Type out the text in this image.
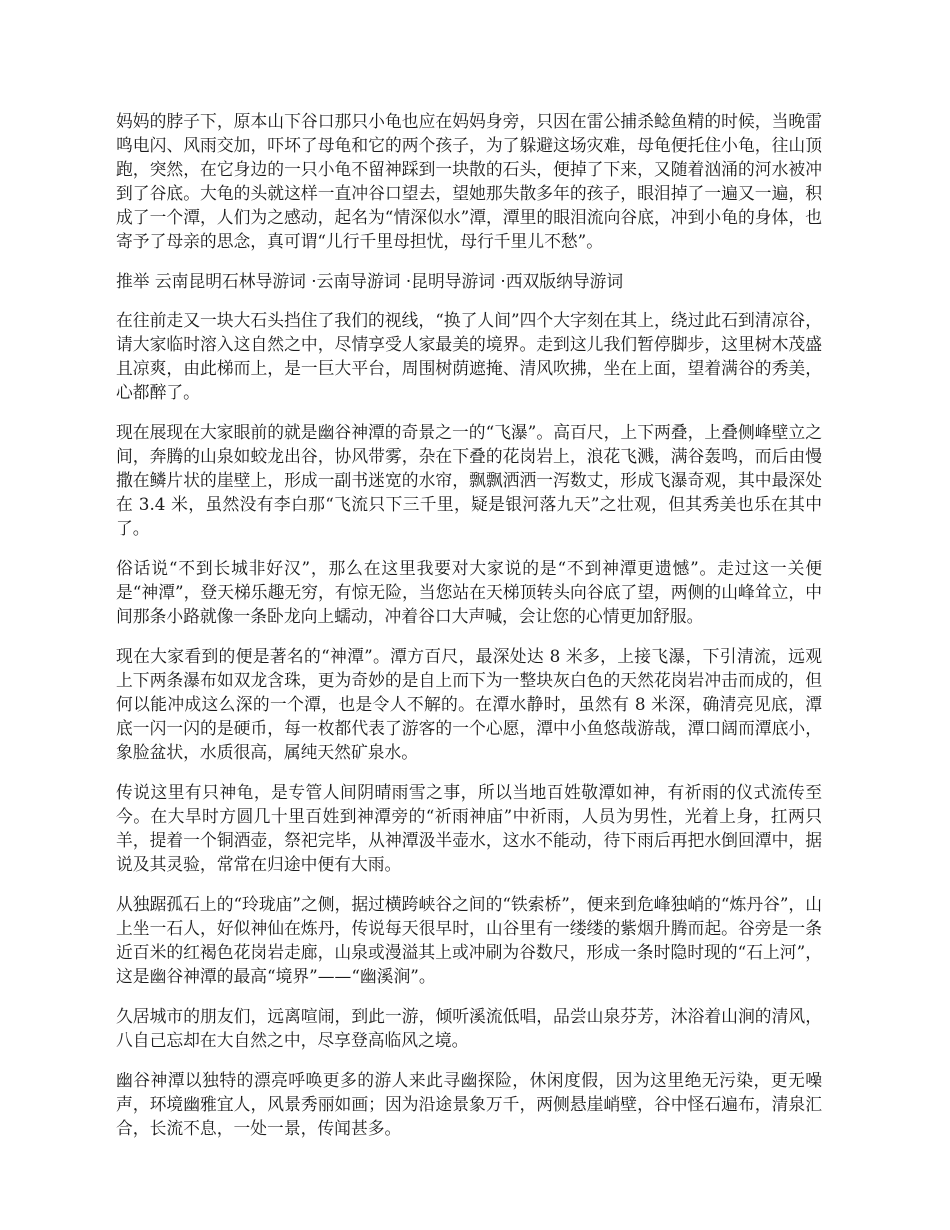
妈妈的脖子下，原本山下谷口那只小龟也应在妈妈身旁，只因在雷公捕杀鲶鱼精的时候，当晚雷鸣电闪、风雨交加，吓坏了母龟和它的两个孩子，为了躲避这场灾难，母龟便托住小龟，往山顶跑，突然，在它身边的一只小龟不留神踩到一块散的石头，便掉了下来，又随着汹涌的河水被冲到了谷底。大龟的头就这样一直冲谷口望去，望她那失散多年的孩子，眼泪掉了一遍又一遍，积成了一个潭，人们为之感动，起名为“情深似水”潭，潭里的眼泪流向谷底，冲到小龟的身体，也寄予了母亲的思念，真可谓“儿行千里母担忧，母行千里儿不愁”。

推举 云南昆明石林导游词 ·云南导游词 ·昆明导游词 ·西双版纳导游词

在往前走又一块大石头挡住了我们的视线，“换了人间”四个大字刻在其上，绕过此石到清凉谷，请大家临时溶入这自然之中，尽情享受人家最美的境界。走到这儿我们暂停脚步，这里树木茂盛且凉爽，由此梯而上，是一巨大平台，周围树荫遮掩、清风吹拂，坐在上面，望着满谷的秀美，心都醉了。

现在展现在大家眼前的就是幽谷神潭的奇景之一的“飞瀑”。高百尺，上下两叠，上叠侧峰壁立之间，奔腾的山泉如蛟龙出谷，协风带雾，杂在下叠的花岗岩上，浪花飞溅，满谷轰鸣，而后由慢撒在鳞片状的崖壁上，形成一副书迷宽的水帘，飘飘洒洒一泻数丈，形成飞瀑奇观，其中最深处在 3.4 米，虽然没有李白那“飞流只下三千里，疑是银河落九天”之壮观，但其秀美也乐在其中了。

俗话说“不到长城非好汉”，那么在这里我要对大家说的是“不到神潭更遗憾”。走过这一关便是“神潭”，登天梯乐趣无穷，有惊无险，当您站在天梯顶转头向谷底了望，两侧的山峰耸立，中间那条小路就像一条卧龙向上蠕动，冲着谷口大声喊，会让您的心情更加舒服。

现在大家看到的便是著名的“神潭”。潭方百尺，最深处达 8 米多，上接飞瀑，下引清流，远观上下两条瀑布如双龙含珠，更为奇妙的是自上而下为一整块灰白色的天然花岗岩冲击而成的，但何以能冲成这么深的一个潭，也是令人不解的。在潭水静时，虽然有 8 米深，确清亮见底，潭底一闪一闪的是硬币，每一枚都代表了游客的一个心愿，潭中小鱼悠哉游哉，潭口阔而潭底小，象脸盆状，水质很高，属纯天然矿泉水。

传说这里有只神龟，是专管人间阴晴雨雪之事，所以当地百姓敬潭如神，有祈雨的仪式流传至今。在大旱时方圆几十里百姓到神潭旁的“祈雨神庙”中祈雨，人员为男性，光着上身，扛两只羊，提着一个铜酒壶，祭祀完毕，从神潭汲半壶水，这水不能动，待下雨后再把水倒回潭中，据说及其灵验，常常在归途中便有大雨。

从独踞孤石上的“玲珑庙”之侧，据过横跨峡谷之间的“铁索桥”，便来到危峰独峭的“炼丹谷”，山上坐一石人，好似神仙在炼丹，传说每天很早时，山谷里有一缕缕的紫烟升腾而起。谷旁是一条近百米的红褐色花岗岩走廊，山泉或漫溢其上或冲刷为谷数尺，形成一条时隐时现的“石上河”，这是幽谷神潭的最高“境界”——“幽溪涧”。

久居城市的朋友们，远离喧闹，到此一游，倾听溪流低唱，品尝山泉芬芳，沐浴着山涧的清风，八自己忘却在大自然之中，尽享登高临风之境。

幽谷神潭以独特的漂亮呼唤更多的游人来此寻幽探险，休闲度假，因为这里绝无污染，更无噪声，环境幽雅宜人，风景秀丽如画；因为沿途景象万千，两侧悬崖峭壁，谷中怪石遍布，清泉汇合，长流不息，一处一景，传闻甚多。
